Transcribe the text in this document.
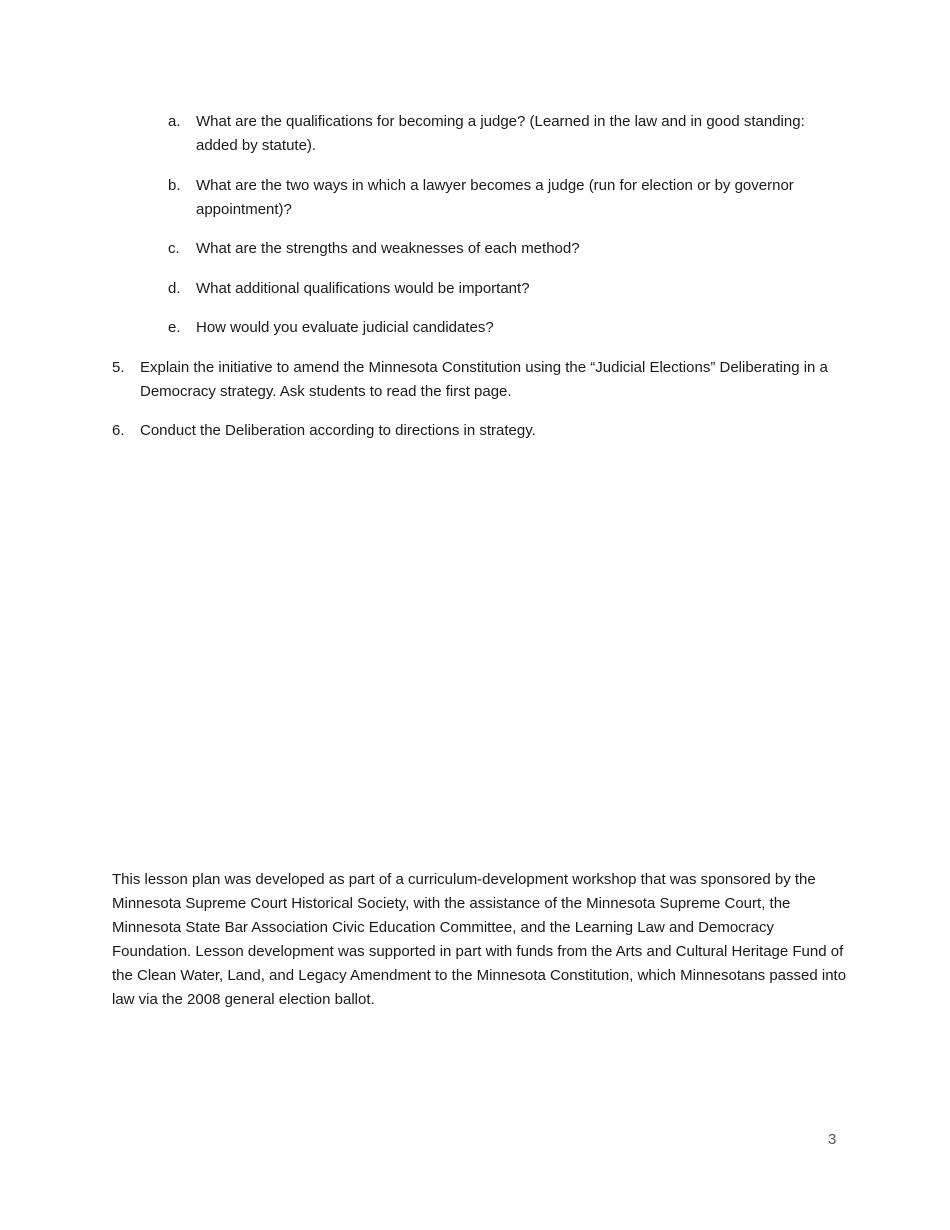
a. What are the qualifications for becoming a judge? (Learned in the law and in good standing: added by statute).
b. What are the two ways in which a lawyer becomes a judge (run for election or by governor appointment)?
c. What are the strengths and weaknesses of each method?
d. What additional qualifications would be important?
e. How would you evaluate judicial candidates?
5. Explain the initiative to amend the Minnesota Constitution using the “Judicial Elections” Deliberating in a Democracy strategy. Ask students to read the first page.
6. Conduct the Deliberation according to directions in strategy.

This lesson plan was developed as part of a curriculum-development workshop that was sponsored by the Minnesota Supreme Court Historical Society, with the assistance of the Minnesota Supreme Court, the Minnesota State Bar Association Civic Education Committee, and the Learning Law and Democracy Foundation. Lesson development was supported in part with funds from the Arts and Cultural Heritage Fund of the Clean Water, Land, and Legacy Amendment to the Minnesota Constitution, which Minnesotans passed into law via the 2008 general election ballot.

3
